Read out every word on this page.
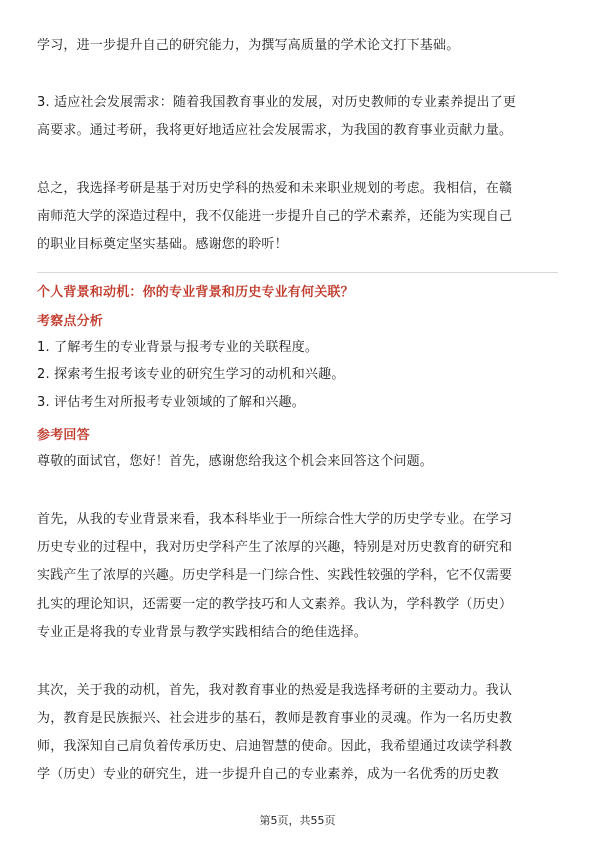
学习，进一步提升自己的研究能力，为撰写高质量的学术论文打下基础。
3. 适应社会发展需求：随着我国教育事业的发展，对历史教师的专业素养提出了更
高要求。通过考研，我将更好地适应社会发展需求，为我国的教育事业贡献力量。
总之，我选择考研是基于对历史学科的热爱和未来职业规划的考虑。我相信，在赣
南师范大学的深造过程中，我不仅能进一步提升自己的学术素养，还能为实现自己
的职业目标奠定坚实基础。感谢您的聆听！
个人背景和动机：你的专业背景和历史专业有何关联？
考察点分析
1. 了解考生的专业背景与报考专业的关联程度。
2. 探索考生报考该专业的研究生学习的动机和兴趣。
3. 评估考生对所报考专业领域的了解和兴趣。
参考回答
尊敬的面试官，您好！首先，感谢您给我这个机会来回答这个问题。
首先，从我的专业背景来看，我本科毕业于一所综合性大学的历史学专业。在学习
历史专业的过程中，我对历史学科产生了浓厚的兴趣，特别是对历史教育的研究和
实践产生了浓厚的兴趣。历史学科是一门综合性、实践性较强的学科，它不仅需要
扎实的理论知识，还需要一定的教学技巧和人文素养。我认为，学科教学（历史）
专业正是将我的专业背景与教学实践相结合的绝佳选择。
其次，关于我的动机，首先，我对教育事业的热爱是我选择考研的主要动力。我认
为，教育是民族振兴、社会进步的基石，教师是教育事业的灵魂。作为一名历史教
师，我深知自己肩负着传承历史、启迪智慧的使命。因此，我希望通过攻读学科教
学（历史）专业的研究生，进一步提升自己的专业素养，成为一名优秀的历史教
第5页，共55页
